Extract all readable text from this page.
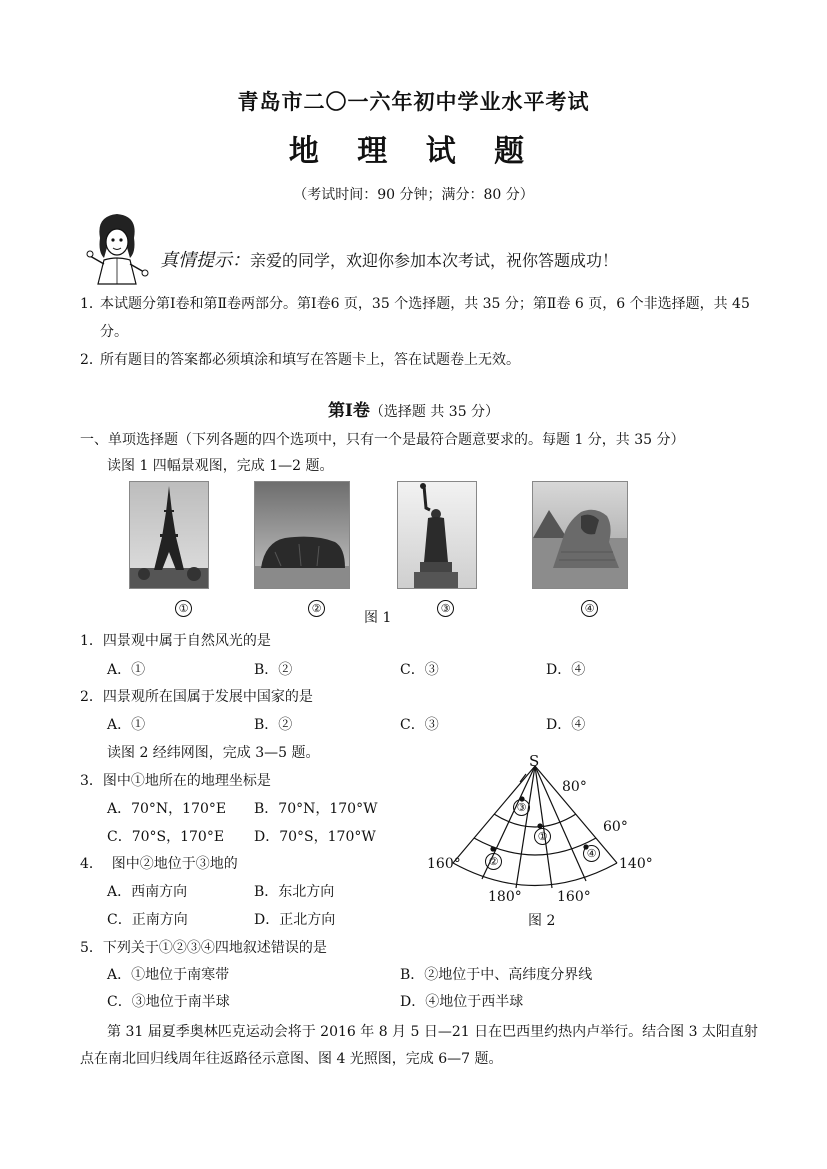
青岛市二〇一六年初中学业水平考试
地 理 试 题
（考试时间：90 分钟；满分：80 分）
真情提示：亲爱的同学，欢迎你参加本次考试，祝你答题成功！
1．
本试题分第Ⅰ卷和第Ⅱ卷两部分。第Ⅰ卷6 页，35 个选择题，共 35 分；第Ⅱ卷 6 页，6 个非选择题，共 45
分。
2．
所有题目的答案都必须填涂和填写在答题卡上，答在试题卷上无效。
第Ⅰ卷（选择题 共 35 分）
一、单项选择题（下列各题的四个选项中，只有一个是最符合题意要求的。每题 1 分，共 35 分）
读图 1 四幅景观图，完成 1—2 题。
①	②	③	④
图 1
1．四景观中属于自然风光的是
A．①	B．②	C．③	D．④
2．四景观所在国属于发展中国家的是
A．①	B．②	C．③	D．④
读图 2 经纬网图，完成 3—5 题。
3．图中①地所在的地理坐标是
A．70°N，170°E B．70°N，170°W
C．70°S，170°E D．70°S，170°W
4．  图中②地位于③地的
A．西南方向	B．东北方向
C．正南方向	D．正北方向
5．下列关于①②③④四地叙述错误的是
A．①地位于南寒带	B．②地位于中、高纬度分界线
C．③地位于南半球	D．④地位于西半球
S
80°
60°
160°	140°
180°	160°
③
①
②
④
图 2
第 31 届夏季奥林匹克运动会将于 2016 年 8 月 5 日—21 日在巴西里约热内卢举行。结合图 3 太阳直射
点在南北回归线周年往返路径示意图、图 4 光照图，完成 6—7 题。
